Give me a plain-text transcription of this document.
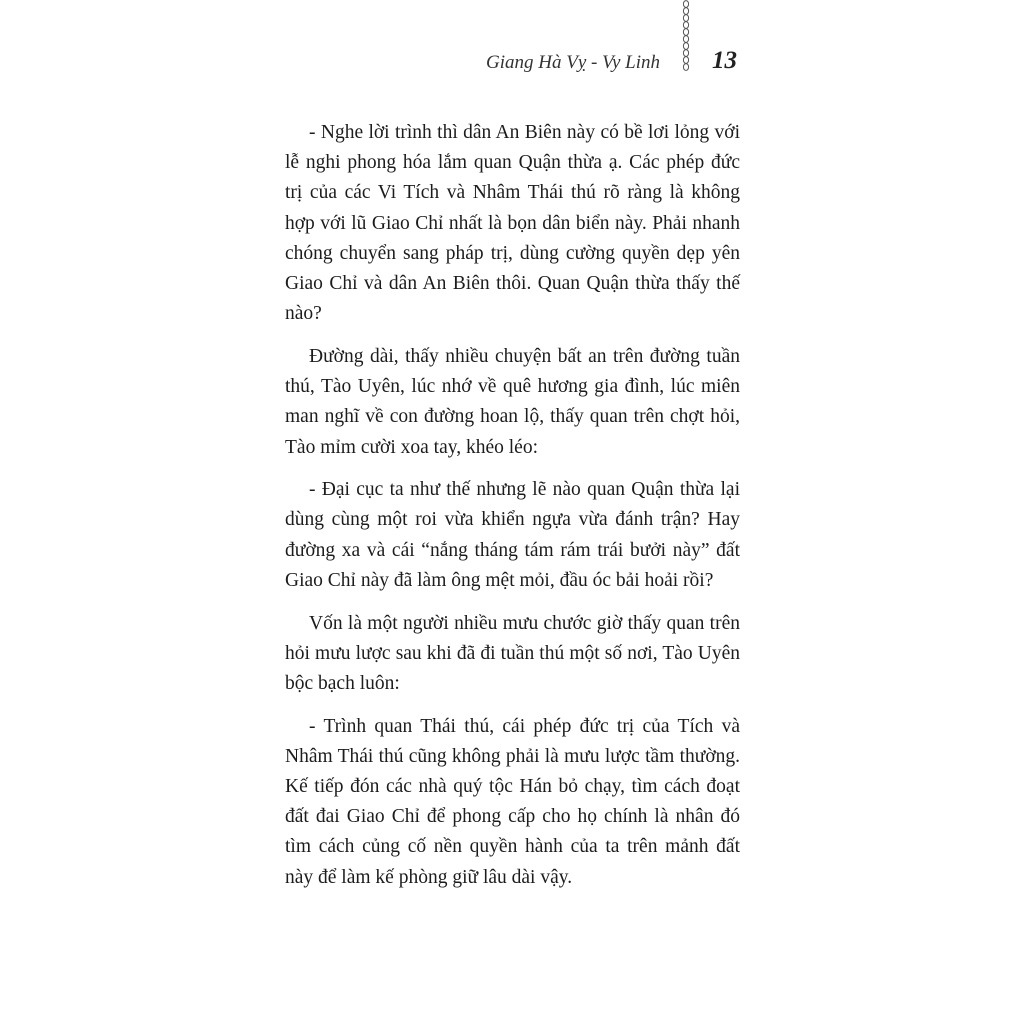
Giang Hà Vỵ - Vy Linh 13

- Nghe lời trình thì dân An Biên này có bề lơi lỏng với lễ nghi phong hóa lắm quan Quận thừa ạ. Các phép đức trị của các Vi Tích và Nhâm Thái thú rõ ràng là không hợp với lũ Giao Chỉ nhất là bọn dân biển này. Phải nhanh chóng chuyển sang pháp trị, dùng cường quyền dẹp yên Giao Chỉ và dân An Biên thôi. Quan Quận thừa thấy thế nào?

Đường dài, thấy nhiều chuyện bất an trên đường tuần thú, Tào Uyên, lúc nhớ về quê hương gia đình, lúc miên man nghĩ về con đường hoan lộ, thấy quan trên chợt hỏi, Tào mỉm cười xoa tay, khéo léo:

- Đại cục ta như thế nhưng lẽ nào quan Quận thừa lại dùng cùng một roi vừa khiển ngựa vừa đánh trận? Hay đường xa và cái “nắng tháng tám rám trái bưởi này” đất Giao Chỉ này đã làm ông mệt mỏi, đầu óc bải hoải rồi?

Vốn là một người nhiều mưu chước giờ thấy quan trên hỏi mưu lược sau khi đã đi tuần thú một số nơi, Tào Uyên bộc bạch luôn:

- Trình quan Thái thú, cái phép đức trị của Tích và Nhâm Thái thú cũng không phải là mưu lược tầm thường. Kế tiếp đón các nhà quý tộc Hán bỏ chạy, tìm cách đoạt đất đai Giao Chỉ để phong cấp cho họ chính là nhân đó tìm cách củng cố nền quyền hành của ta trên mảnh đất này để làm kế phòng giữ lâu dài vậy.
